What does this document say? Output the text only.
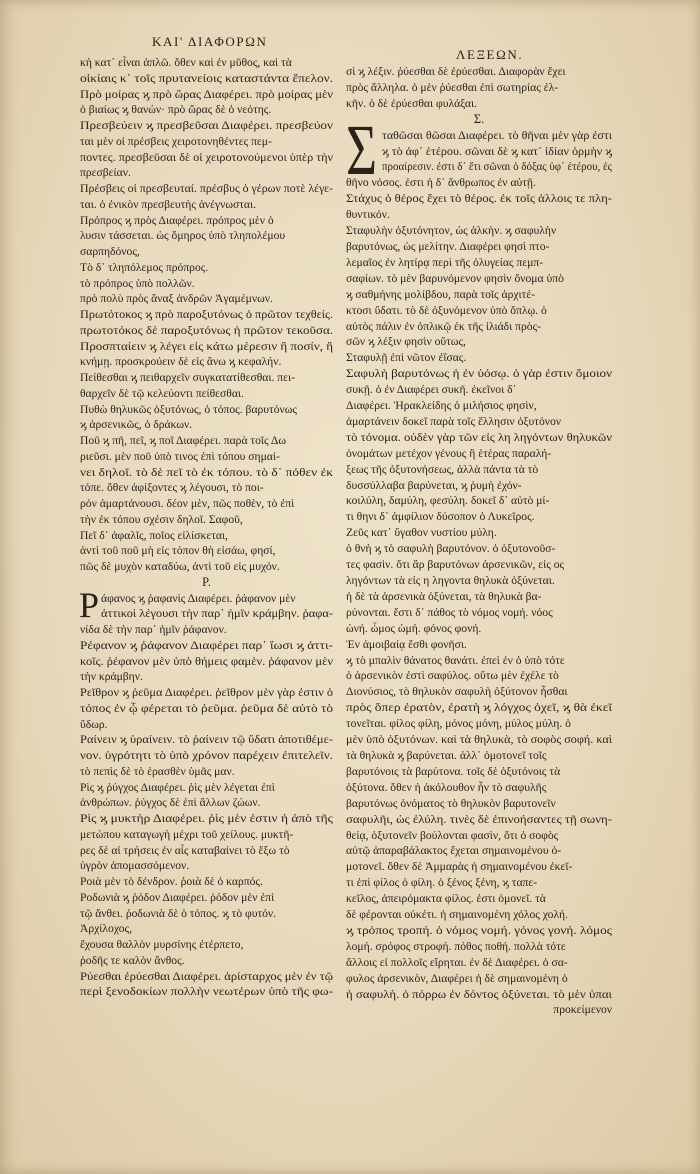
ΚΑΙ' ΔΙΑΦΟΡΩΝ
ΛΕΞΕΩΝ.
Ρ
κὴ κατ᾽ εἶναι ἁπλῶ. ὅθεν καὶ ἐν μῦθος, καὶ τὰ
οἰκίαις κ᾽ τοῖς πρυτανείοις καταστάντα ἔπελον.
Πρὸ μοίρας ϗ πρὸ ὥρας Διαφέρει. πρὸ μοίρας μὲν
ὁ βιαίως ϗ θανών· πρὸ ὥρας δὲ ὁ νεότης.
Πρεσβεύειν ϗ πρεσβεῦσαι Διαφέρει. πρεσβεύον
ται μὲν οἱ πρέσβεις χειροτονηθέντες πεμ-
ποντες. πρεσβεῦσαι δὲ οἱ χειροτονούμενοι ὑπὲρ τὴν
πρεσβείαν.
Πρέσβεις οἱ πρεσβευταί. πρέσβυς ὁ γέρων ποτὲ λέγε-
ται. ὁ ἐνικὸν πρεσβευτὴς ἀνέγνωσται.
Πρόπρος ϗ πρὸς Διαφέρει. πρόπρος μὲν ὁ
λυσιν τάσσεται. ὡς ὅμηρος ὑπὸ τληπολέμου
σαρπηδόνος,
Τὸ δ᾽ τληπόλεμος πρόπρος.
τὸ πρόπρος ὑπὸ πολλῶν.
πρὸ πολὺ πρὸς ἄναξ ἀνδρῶν Ἀγαμέμνων.
Πρωτότοκος ϗ πρὸ παροξυτόνως ὁ πρῶτον τεχθείς.
πρωτοτόκος δὲ παροξυτόνως ἡ πρῶτον τεκοῦσα.
Προσπταίειν ϗ λέγει εἰς κάτω μέρεσιν ἢ ποσίν, ἢ
κνήμῃ. προσκρούειν δὲ εἰς ἄνω ϗ κεφαλήν.
Πείθεσθαι ϗ πειθαρχεῖν συγκατατίθεσθαι. πει-
θαρχεῖν δὲ τῷ κελεύοντι πείθεσθαι.
Πυθὼ θηλυκῶς ὀξυτόνως, ὁ τόπος. βαρυτόνως
ϗ ἀρσενικῶς, ὁ δράκων.
Ποῦ ϗ πῆ, πεῖ, ϗ ποῖ Διαφέρει. παρὰ τοῖς Δω
ριεῦσι. μὲν ποῦ ὑπὸ τινος ἐπὶ τόπου σημαί-
νει δηλοῖ. τὸ δὲ πεῖ τὸ ἐκ τόπου. τὸ δ᾽ πόθεν ἐκ
τόπε. ὅθεν ἀφίξοντες ϗ λέγουσι, τὸ ποι-
ρόν ἁμαρτάνουσι. δέον μὲν, πῶς ποθὲν, τὸ ἐπὶ
τὴν ἐκ τόπου σχέσιν δηλοῖ. Σαφοῦ,
Πεῖ δ᾽ ἀφαλῖς, ποῖος εἰλίσκεται,
ἀντὶ τοῦ ποῦ μὴ εἰς τόπον θὴ εἰσάω, φησί,
πῶς δὲ μυχὸν καταδύω, ἀντὶ τοῦ εἰς μυχόν.
Ρ.
άφανος ϗ ῥαφανὶς Διαφέρει. ῥάφανον μὲν
ἀττικοὶ λέγουσι τὴν παρ᾽ ἡμῖν κράμβην. ῥαφα-
νίδα δὲ τὴν παρ᾽ ἡμῖν ῥάφανον.
Ρέφανον ϗ ῥάφανον Διαφέρει παρ᾽ ἴωσι ϗ ἀττι-
κοῖς. ῥέφανον μὲν ὑπὸ θήμεις φαμὲν. ῥάφανον μὲν
τὴν κράμβην.
Ρεῖθρον ϗ ῥεῦμα Διαφέρει. ῥεῖθρον μὲν γὰρ ἐστιν ὁ
τόπος ἐν ᾧ φέρεται τὸ ῥεῦμα. ῥεῦμα δὲ αὐτὸ τὸ
ὕδωρ.
Ραίνειν ϗ ὑραίνειν. τὸ ῥαίνειν τῷ ὕδατι ἀποτιθέμε-
νον. ὑγρότητι τὸ ὑπὸ χρόνον παρέχειν ἐπιτελεῖν.
τὸ πεπὶς δὲ τὸ ἐρασθὲν ὑμᾶς μαν.
Ρὶς ϗ ῥύγχος Διαφέρει. ῥὶς μὲν λέγεται ἐπὶ
ἀνθρώπων. ῥύγχος δὲ ἐπὶ ἄλλων ζώων.
Ρὶς ϗ μυκτὴρ Διαφέρει. ῥὶς μὲν ἐστιν ἡ ἀπὸ τῆς
μετώπου καταγωγὴ μέχρι τοῦ χείλους. μυκτῆ-
ρες δὲ αἱ τρήσεις ἐν αἷς καταβαίνει τὸ ἔξω τὸ
ὑγρὸν ἀπομασσόμενον.
Ροιὰ μὲν τὸ δένδρον. ῥοιὰ δὲ ὁ καρπός.
Ροδωνιὰ ϗ ῥόδον Διαφέρει. ῥόδον μὲν ἐπὶ
τῷ ἄνθει. ῥοδωνιὰ δὲ ὁ τόπος. ϗ τὸ φυτόν.
Ἀρχίλοχος,
ἔχουσα θαλλὸν μυρσίνης ἐτέρπετο,
ῥοδῆς τε καλὸν ἄνθος.
Ρύεσθαι ἐρύεσθαι Διαφέρει. ἀρίσταρχος μὲν ἐν τῷ
περὶ ξενοδοκίων πολλὴν νεωτέρων ὑπὸ τῆς φω-
Σ
σὶ ϗ λέξιν. ῥύεσθαι δὲ ἐρύεσθαι. Διαφορὰν ἔχει
πρὸς ἄλληλα. ὁ μὲν ῥύεσθαι ἐπὶ σωτηρίας ἐλ-
κῆν. ὁ δὲ ἐρύεσθαι φυλάξαι.
Σ.
ταθῶσαι θῶσαι Διαφέρει. τὸ θῆναι μὲν γὰρ ἐστι
ϗ τὸ ἀφ᾽ ἑτέρου. σῶναι δὲ ϗ κατ᾽ ἰδίαν ὁρμὴν ϗ
προαίρεσιν. ἐστι δ᾽ ἔτι σῶναι ὁ δόξας ὑφ᾽ ἑτέρου, ἐς
θῆνο νόσος. ἐστι ἡ δ᾽ ἄνθρωπος ἐν αὐτῇ.
Στάχυς ὁ θέρος ἔχει τὸ θέρος. ἐκ τοῖς ἀλλοις τε πλη-
θυντικόν.
Σταφυλὴν ὀξυτόνητον, ὡς ἀλκὴν. ϗ σαφυλὴν
βαρυτόνως, ὡς μελίτην. Διαφέρει φησὶ πτο-
λεμαῖος ἐν λητίρᾳ περὶ τῆς ὀλυγείας πεμπ-
σαφίων. τὸ μὲν βαρυνόμενον φησὶν ὄνομα ὑπὸ
ϗ σαθμήνης μολίβδου, παρὰ τοῖς ἀρχιτέ-
κτοσι ὕδατι. τὸ δὲ ὀξυνόμενον ὑπὸ ὅπλῳ. ὁ
αὐτὸς πάλιν ἐν ὁπλικῷ ἐκ τῆς ἰλιάδι πρὸς-
σῶν ϗ λέξιν φησὶν οὕτως,
Σταφυλῇ ἐπὶ νῶτον ἐΐσας.
Σαφυλὴ βαρυτόνως ἡ ἐν ὑόσῳ. ὁ γὰρ ἐστιν ὅμοιον
συκῇ. ὁ ἐν Διαφέρει συκῆ. ἐκεῖνοι δ᾽
Διαφέρει. Ἡρακλείδης ὁ μιλήσιος φησὶν,
ἁμαρτάνειν δοκεῖ παρὰ τοῖς ἕλλησιν ὀξυτόνον
τὸ τόνομα. οὐδὲν γὰρ τῶν εἰς λη ληγόντων θηλυκῶν
ὀνομάτων μετέχον γένους ἢ ἑτέρας παραλή-
ξεως τῆς ὀξυτονήσεως, ἀλλὰ πάντα τὰ τὸ
δυσσύλλαβα βαρύνεται, ϗ ῥυμὴ ἐχόν-
κοιλύλη, δαμύλη, φεσύλη. δοκεῖ δ᾽ αὐτὸ μί-
τι θηνι δ᾽ ἀμφίλιον δύσοπον ὁ Λυκεῖρος.
Ζεῦς κατ᾽ ὕγαθον νυστίου μύλη.
ὁ θνὴ ϗ τὸ σαφυλὴ βαρυτόνον. ὁ ὀξυτονοῦσ-
τες φασὶν. ὅτι ἂρ βαρυτόνων ἀρσενικῶν, εἰς ος
ληγόντων τὰ εἰς η ληγοντα θηλυκὰ ὀξύνεται.
ἡ δὲ τὰ ἀρσενικὰ ὀξύνεται, τὰ θηλυκὰ βα-
ρύνονται. ἔστι δ᾽ πάθος τὸ νόμος νομή. νόος
ὠνή. ὦμος ὠμή. φόνος φονή.
Ἐν ἀμοιβαίᾳ ἔσθι φονῆσι.
ϗ τὸ μπαλὶν θάνατος θανάτι. ἐπεὶ ἐν ὁ ὑπὸ τότε
ὁ ἀρσενικὸν ἐστὶ σαφύλος. οὕτω μὲν ἐχέλε τὸ
Διονύσιος, τὸ θηλυκὸν σαφυλὴ ὀξύτονον ἦσθαι
πρὸς ὅπερ ἐρατὸν, ἐρατὴ ϗ λόγχος ὀχεῖ, ϗ θὰ ἐκεῖ
τονεῖται. φίλος φίλη, μόνος μόνη, μύλος μύλη. ὁ
μὲν ὑπὸ ὀξυτόνων. καὶ τὰ θηλυκὰ, τὸ σοφὸς σοφή. καὶ
τὰ θηλυκὰ ϗ βαρύνεται. ἀλλ᾽ ὁμοτονεῖ τοῖς
βαρυτόνοις τὰ βαρύτονα. τοῖς δὲ ὀξυτόνοις τὰ
ὀξύτονα. ὅθεν ἡ ἀκόλουθον ἦν τὸ σαφυλῆς
βαρυτόνως ὀνόματος τὸ θηλυκὸν βαρυτονεῖν
σαφυλῆι, ὡς ἐλύλη. τινὲς δὲ ἐπινοήσαντες τῇ σωνη-
θείᾳ, ὀξυτονεῖν βούλονται φασὶν, ὅτι ὁ σοφὸς
αὐτῷ ἀπαραβάλακτος ἔχεται σημαινομένου ὁ-
μοτονεῖ. ὅθεν δὲ Ἀμμαρὰς ἡ σημαινομένου ἐκεῖ-
τι ἐπὶ φίλος ὁ φίλη. ὁ ξένος ξένη, ϗ ταπε-
κεῖλος, ἀπειρόμακτα φίλος. ἐστι ὁμονεῖ. τὰ
δὲ φέρονται οὐκέτι. ἡ σημαινομένη χόλος χολή.
ϗ τρόπος τροπή. ὁ νόμος νομή. γόνος γονή. λόμος
λομή. σρόφος στροφή. πόθος ποθή. πολλὰ τότε
ἄλλοις εἰ πολλοῖς εἴρηται. ἐν δὲ Διαφέρει. ὁ σα-
φυλος ἀρσενικὸν, Διαφέρει ἡ δὲ σημαινομένη ὁ
ἡ σαφυλὴ. ὁ πόρρω ἐν δόντος ὀξύνεται. τὸ μὲν ὑπαι
προκείμενον
